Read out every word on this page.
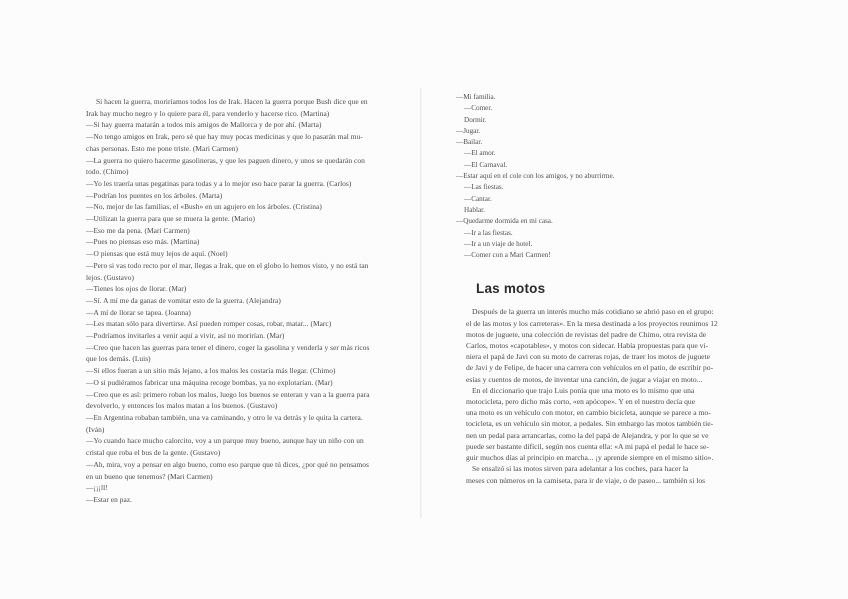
Si hacen la guerra, moriríamos todos los de Irak. Hacen la guerra porque Bush dice que en
Irak hay mucho negro y lo quiere para él, para venderlo y hacerse rico. (Martina)
—Si hay guerra matarán a todos mis amigos de Mallorca y de por ahí. (Marta)
—No tengo amigos en Irak, pero sé que hay muy pocas medicinas y que lo pasarán mal mu-
chas personas. Esto me pone triste. (Mari Carmen)
—La guerra no quiero hacerme gasolineras, y que les paguen dinero, y unos se quedarán con
todo. (Chimo)
—Yo les traería unas pegatinas para todas y a lo mejor eso hace parar la guerra. (Carlos)
—Podrían los puentes en los árboles. (Marta)
—No, mejor de las familias, el «Bush» en un agujero en los árboles. (Cristina)
—Utilizan la guerra para que se muera la gente. (Mario)
—Eso me da pena. (Mari Carmen)
—Pues no piensas eso más. (Martina)
—O piensas que está muy lejos de aquí. (Noel)
—Pero si vas todo recto por el mar, llegas a Irak, que en el globo lo hemos visto, y no está tan
lejos. (Gustavo)
—Tienes los ojos de llorar. (Mar)
—Sí. A mí me da ganas de vomitar esto de la guerra. (Alejandra)
—A mí de llorar se tapea. (Joanna)
—Les matan sólo para divertirse. Así pueden romper cosas, robar, matar... (Marc)
—Podríamos invitarles a venir aquí a vivir, así no morirían. (Mar)
—Creo que hacen las guerras para tener el dinero, coger la gasolina y venderla y ser más ricos
que los demás. (Luis)
—Si ellos fueran a un sitio más lejano, a los malos les costaría más llegar. (Chimo)
—O si pudiéramos fabricar una máquina recoge bombas, ya no explotarían. (Mar)
—Creo que es así: primero roban los malos, luego los buenos se enteran y van a la guerra para
devolverlo, y entonces los malos matan a los buenos. (Gustavo)
—En Argentina robaban también, una va caminando, y otro le va detrás y le quita la cartera.
(Iván)
—Yo cuando hace mucho calorcito, voy a un parque muy bueno, aunque hay un niño con un
cristal que roba el bus de la gente. (Gustavo)
—Ah, mira, voy a pensar en algo bueno, como eso parque que tú dices, ¿por qué no pensamos
en un bueno que tenemos? (Mari Carmen)
—¡¡¡ll!
—Estar en paz.
—Mi familia.
—Comer.
Dormir.
—Jugar.
—Bailar.
—El amor.
—El Carnaval.
—Estar aquí en el cole con los amigos, y no aburrirme.
—Las fiestas.
—Cantar.
Hablar.
—Quedarme dormida en mi casa.
—Ir a las fiestas.
—Ir a un viaje de hotel.
—Comer con a Mari Carmen!
Las motos
Después de la guerra un interés mucho más cotidiano se abrió paso en el grupo:
el de las motos y los carreteras». En la mesa destinada a los proyectos reunimos 12
motos de juguete, una colección de revistas del padre de Chimo, otra revista de
Carlos, motos «capotables», y motos con sidecar. Había propuestas para que vi-
niera el papá de Javi con su moto de carreras rojas, de traer los motos de juguete
de Javi y de Felipe, de hacer una carrera con vehículos en el patio, de escribir po-
esías y cuentos de motos, de inventar una canción, de jugar a viajar en moto...
En el diccionario que trajo Luis ponía que una moto es lo mismo que una
motocicleta, pero dicho más corto, «en apócope». Y en el nuestro decía que
una moto es un vehículo con motor, en cambio bicicleta, aunque se parece a mo-
tocicleta, es un vehículo sin motor, a pedales. Sin embargo las motos también tie-
nen un pedal para arrancarlas, como la del papá de Alejandra, y por lo que se ve
puede ser bastante difícil, según nos cuenta ella: «A mi papá el pedal le hace se-
guir muchos días al principio en marcha... ¡y aprende siempre en el mismo sitio».
Se ensalzó si las motos sirven para adelantar a los coches, para hacer la
meses con números en la camiseta, para ir de viaje, o de paseo... también si los
